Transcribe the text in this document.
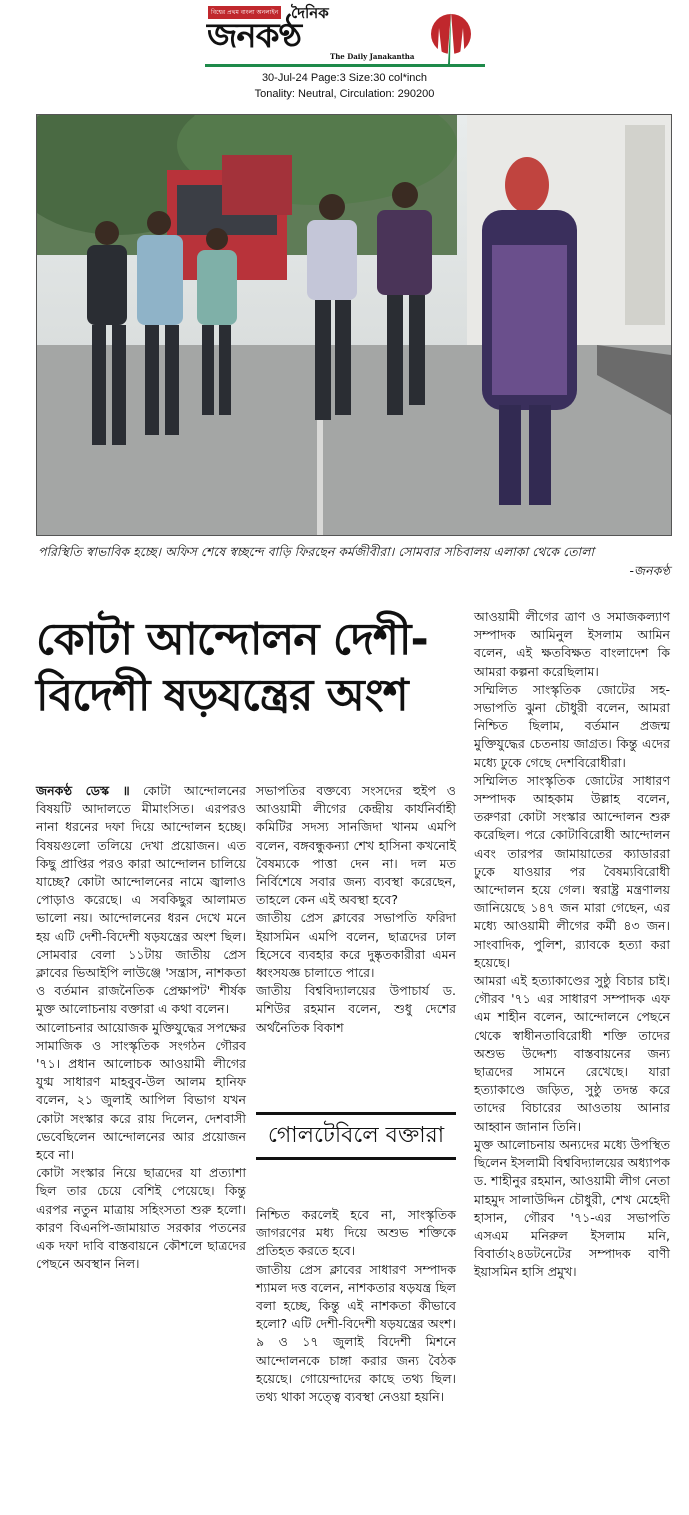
বিশ্বের প্রথম বাংলা অনলাইন দৈনিক
জনকণ্ঠ
The Daily Janakantha
30-Jul-24 Page:3 Size:30 col*inch
Tonality: Neutral, Circulation: 290200
পরিস্থিতি স্বাভাবিক হচ্ছে। অফিস শেষে স্বচ্ছন্দে বাড়ি ফিরছেন কর্মজীবীরা। সোমবার সচিবালয় এলাকা থেকে তোলা
-জনকণ্ঠ
কোটা আন্দোলন দেশী-বিদেশী ষড়যন্ত্রের অংশ

জনকণ্ঠ ডেস্ক ॥ কোটা আন্দোলনের বিষয়টি আদালতে মীমাংসিত। এরপরও নানা ধরনের দফা দিয়ে আন্দোলন হচ্ছে। বিষয়গুলো তলিয়ে দেখা প্রয়োজন। এত কিছু প্রাপ্তির পরও কারা আন্দোলন চালিয়ে যাচ্ছে? কোটা আন্দোলনের নামে জ্বালাও পোড়াও করেছে। এ সবকিছুর আলামত ভালো নয়। আন্দোলনের ধরন দেখে মনে হয় এটি দেশী-বিদেশী ষড়যন্ত্রের অংশ ছিল। সোমবার বেলা ১১টায় জাতীয় প্রেস ক্লাবের ভিআইপি লাউঞ্জে 'সন্ত্রাস, নাশকতা ও বর্তমান রাজনৈতিক প্রেক্ষাপট' শীর্ষক মুক্ত আলোচনায় বক্তারা এ কথা বলেন।

আলোচনার আয়োজক মুক্তিযুদ্ধের সপক্ষের সামাজিক ও সাংস্কৃতিক সংগঠন গৌরব '৭১। প্রধান আলোচক আওয়ামী লীগের যুগ্ম সাধারণ মাহবুব-উল আলম হানিফ বলেন, ২১ জুলাই আপিল বিভাগ যখন কোটা সংস্কার করে রায় দিলেন, দেশবাসী ভেবেছিলেন আন্দোলনের আর প্রয়োজন হবে না।

কোটা সংস্কার নিয়ে ছাত্রদের যা প্রত্যাশা ছিল তার চেয়ে বেশিই পেয়েছে। কিন্তু এরপর নতুন মাত্রায় সহিংসতা শুরু হলো। কারণ বিএনপি-জামায়াত সরকার পতনের এক দফা দাবি বাস্তবায়নে কৌশলে ছাত্রদের পেছনে অবস্থান নিল।

সভাপতির বক্তব্যে সংসদের হুইপ ও আওয়ামী লীগের কেন্দ্রীয় কার্যনির্বাহী কমিটির সদস্য সানজিদা খানম এমপি বলেন, বঙ্গবন্ধুকন্যা শেখ হাসিনা কখনোই বৈষম্যকে পাত্তা দেন না। দল মত নির্বিশেষে সবার জন্য ব্যবস্থা করেছেন, তাহলে কেন এই অবস্থা হবে?

জাতীয় প্রেস ক্লাবের সভাপতি ফরিদা ইয়াসমিন এমপি বলেন, ছাত্রদের ঢাল হিসেবে ব্যবহার করে দুষ্কৃতকারীরা এমন ধ্বংসযজ্ঞ চালাতে পারে।

জাতীয় বিশ্ববিদ্যালয়ের উপাচার্য ড. মশিউর রহমান বলেন, শুধু দেশের অর্থনৈতিক বিকাশ

গোলটেবিলে বক্তারা

নিশ্চিত করলেই হবে না, সাংস্কৃতিক জাগরণের মধ্য দিয়ে অশুভ শক্তিকে প্রতিহত করতে হবে।

জাতীয় প্রেস ক্লাবের সাধারণ সম্পাদক শ্যামল দত্ত বলেন, নাশকতার ষড়যন্ত্র ছিল বলা হচ্ছে, কিন্তু এই নাশকতা কীভাবে হলো? এটি দেশী-বিদেশী ষড়যন্ত্রের অংশ। ৯ ও ১৭ জুলাই বিদেশী মিশনে আন্দোলনকে চাঙ্গা করার জন্য বৈঠক হয়েছে। গোয়েন্দাদের কাছে তথ্য ছিল। তথ্য থাকা সত্ত্বে ব্যবস্থা নেওয়া হয়নি।

আওয়ামী লীগের ত্রাণ ও সমাজকল্যাণ সম্পাদক আমিনুল ইসলাম আমিন বলেন, এই ক্ষতবিক্ষত বাংলাদেশ কি আমরা কল্পনা করেছিলাম।

সম্মিলিত সাংস্কৃতিক জোটের সহ-সভাপতি ঝুনা চৌধুরী বলেন, আমরা নিশ্চিত ছিলাম, বর্তমান প্রজন্ম মুক্তিযুদ্ধের চেতনায় জাগ্রত। কিন্তু এদের মধ্যে ঢুকে গেছে দেশবিরোধীরা।

সম্মিলিত সাংস্কৃতিক জোটের সাধারণ সম্পাদক আহকাম উল্লাহ বলেন, তরুণরা কোটা সংস্কার আন্দোলন শুরু করেছিল। পরে কোটাবিরোধী আন্দোলন এবং তারপর জামায়াতের ক্যাডাররা ঢুকে যাওয়ার পর বৈষম্যবিরোধী আন্দোলন হয়ে গেল। স্বরাষ্ট্র মন্ত্রণালয় জানিয়েছে ১৪৭ জন মারা গেছেন, এর মধ্যে আওয়ামী লীগের কর্মী ৪৩ জন। সাংবাদিক, পুলিশ, র‍্যাবকে হত্যা করা হয়েছে।

আমরা এই হত্যাকাণ্ডের সুষ্ঠু বিচার চাই। গৌরব '৭১ এর সাধারণ সম্পাদক এফ এম শাহীন বলেন, আন্দোলনে পেছনে থেকে স্বাধীনতাবিরোধী শক্তি তাদের অশুভ উদ্দেশ্য বাস্তবায়নের জন্য ছাত্রদের সামনে রেখেছে। যারা হত্যাকাণ্ডে জড়িত, সুষ্ঠু তদন্ত করে তাদের বিচারের আওতায় আনার আহ্বান জানান তিনি।

মুক্ত আলোচনায় অন্যদের মধ্যে উপস্থিত ছিলেন ইসলামী বিশ্ববিদ্যালয়ের অধ্যাপক ড. শাহীনুর রহমান, আওয়ামী লীগ নেতা মাহমুদ সালাউদ্দিন চৌধুরী, শেখ মেহেদী হাসান, গৌরব '৭১-এর সভাপতি এসএম মনিরুল ইসলাম মনি, বিবার্তা২৪ডটনেটের সম্পাদক বাণী ইয়াসমিন হাসি প্রমুখ।
